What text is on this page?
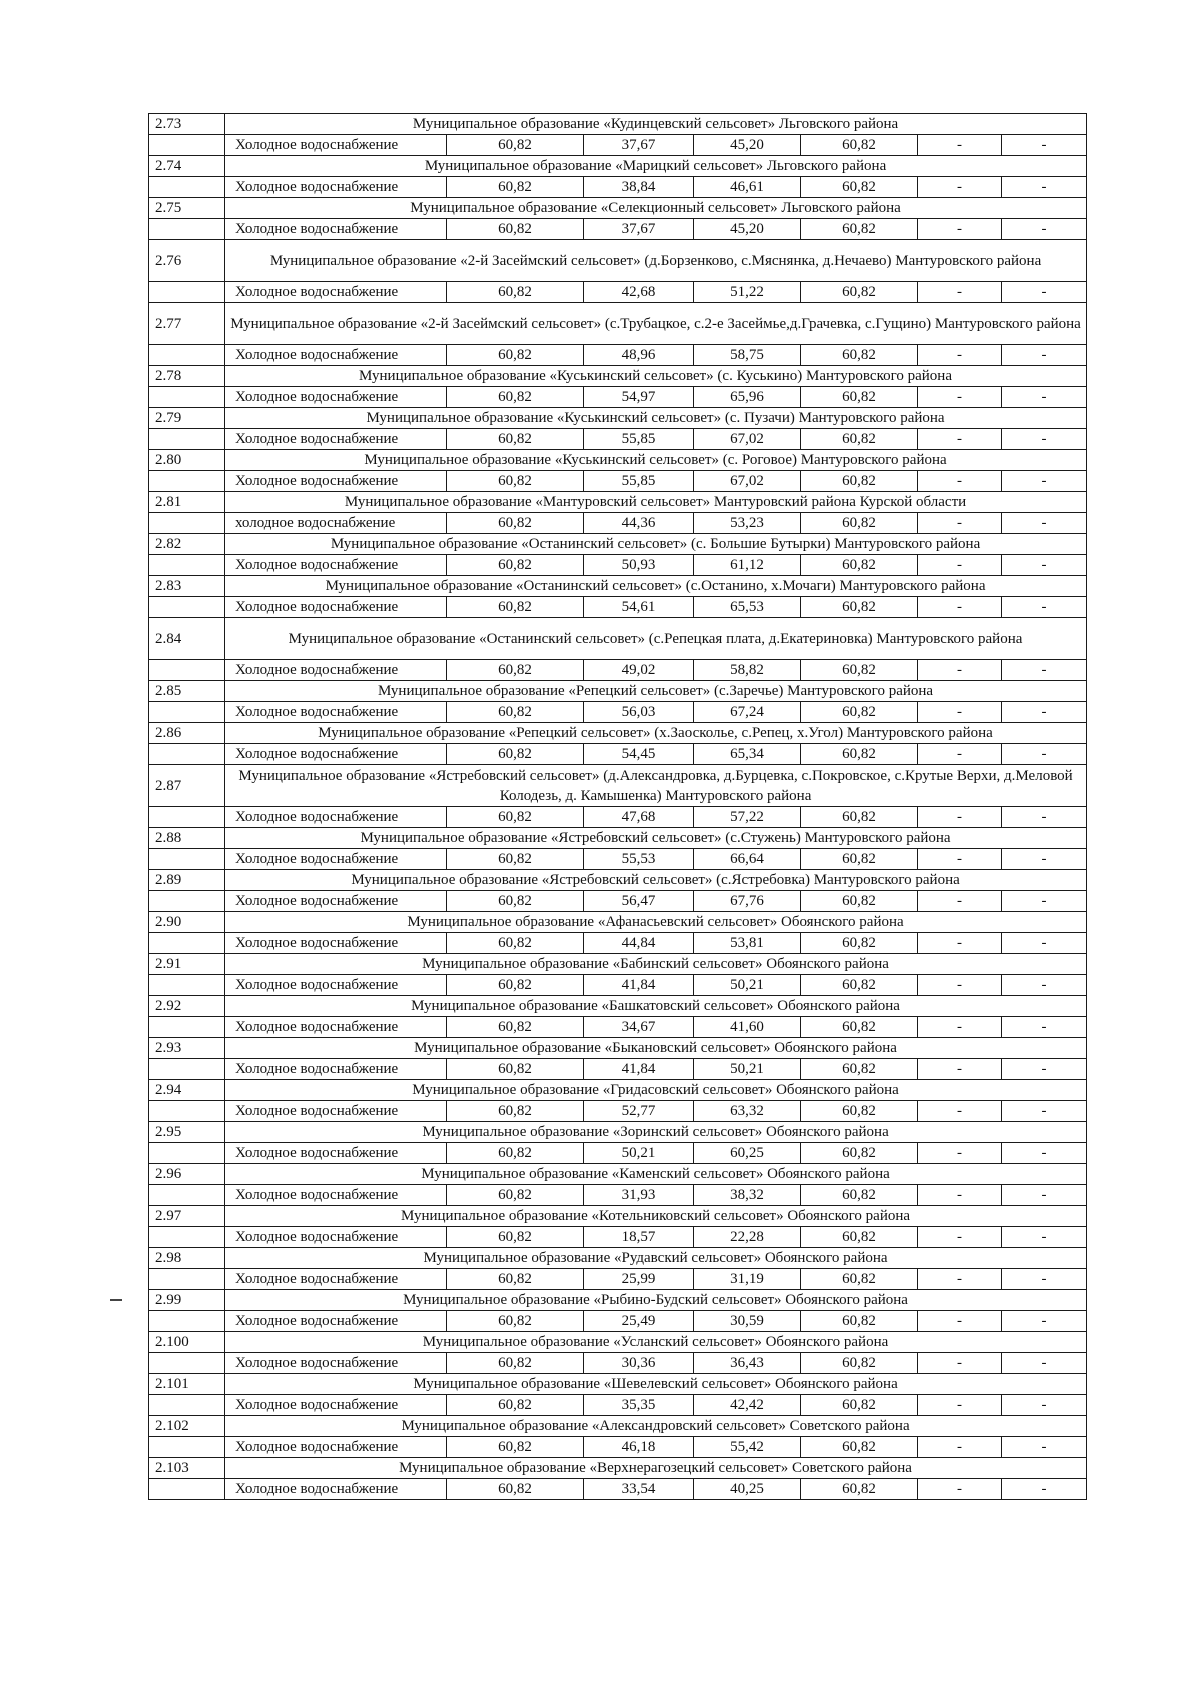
2.73	Муниципальное образование «Кудинцевский сельсовет» Льговского района						
	Холодное водоснабжение	60,82	37,67	45,20	60,82	-	-
2.74	Муниципальное образование «Марицкий сельсовет» Льговского района						
	Холодное водоснабжение	60,82	38,84	46,61	60,82	-	-
2.75	Муниципальное образование «Селекционный сельсовет» Льговского района						
	Холодное водоснабжение	60,82	37,67	45,20	60,82	-	-
2.76	Муниципальное образование «2-й Засеймский сельсовет» (д.Борзенково, с.Мяснянка, д.Нечаево) Мантуровского района						
	Холодное водоснабжение	60,82	42,68	51,22	60,82	-	-
2.77	Муниципальное образование «2-й Засеймский сельсовет» (с.Трубацкое, с.2-е Засеймье,д.Грачевка, с.Гущино) Мантуровского района						
	Холодное водоснабжение	60,82	48,96	58,75	60,82	-	-
2.78	Муниципальное образование «Куськинский сельсовет» (с. Куськино) Мантуровского района						
	Холодное водоснабжение	60,82	54,97	65,96	60,82	-	-
2.79	Муниципальное образование «Куськинский сельсовет» (с. Пузачи) Мантуровского района						
	Холодное водоснабжение	60,82	55,85	67,02	60,82	-	-
2.80	Муниципальное образование «Куськинский сельсовет» (с. Роговое) Мантуровского района						
	Холодное водоснабжение	60,82	55,85	67,02	60,82	-	-
2.81	Муниципальное образование «Мантуровский сельсовет» Мантуровский района Курской области						
	холодное водоснабжение	60,82	44,36	53,23	60,82	-	-
2.82	Муниципальное образование «Останинский сельсовет» (с. Большие Бутырки) Мантуровского района						
	Холодное водоснабжение	60,82	50,93	61,12	60,82	-	-
2.83	Муниципальное образование «Останинский сельсовет» (с.Останино, х.Мочаги) Мантуровского района						
	Холодное водоснабжение	60,82	54,61	65,53	60,82	-	-
2.84	Муниципальное образование «Останинский сельсовет» (с.Репецкая плата, д.Екатериновка) Мантуровского района						
	Холодное водоснабжение	60,82	49,02	58,82	60,82	-	-
2.85	Муниципальное образование «Репецкий сельсовет» (с.Заречье) Мантуровского района						
	Холодное водоснабжение	60,82	56,03	67,24	60,82	-	-
2.86	Муниципальное образование «Репецкий сельсовет» (х.Заосколье, с.Репец, х.Угол) Мантуровского района						
	Холодное водоснабжение	60,82	54,45	65,34	60,82	-	-
2.87	Муниципальное образование «Ястребовский сельсовет» (д.Александровка, д.Бурцевка, с.Покровское, с.Крутые Верхи, д.Меловой Колодезь, д. Камышенка) Мантуровского района						
	Холодное водоснабжение	60,82	47,68	57,22	60,82	-	-
2.88	Муниципальное образование «Ястребовский сельсовет» (с.Стужень) Мантуровского района						
	Холодное водоснабжение	60,82	55,53	66,64	60,82	-	-
2.89	Муниципальное образование «Ястребовский сельсовет» (с.Ястребовка) Мантуровского района						
	Холодное водоснабжение	60,82	56,47	67,76	60,82	-	-
2.90	Муниципальное образование «Афанасьевский сельсовет» Обоянского района						
	Холодное водоснабжение	60,82	44,84	53,81	60,82	-	-
2.91	Муниципальное образование «Бабинский сельсовет» Обоянского района						
	Холодное водоснабжение	60,82	41,84	50,21	60,82	-	-
2.92	Муниципальное образование «Башкатовский сельсовет» Обоянского района						
	Холодное водоснабжение	60,82	34,67	41,60	60,82	-	-
2.93	Муниципальное образование «Быкановский сельсовет» Обоянского района						
	Холодное водоснабжение	60,82	41,84	50,21	60,82	-	-
2.94	Муниципальное образование «Гридасовский сельсовет» Обоянского района						
	Холодное водоснабжение	60,82	52,77	63,32	60,82	-	-
2.95	Муниципальное образование «Зоринский сельсовет» Обоянского района						
	Холодное водоснабжение	60,82	50,21	60,25	60,82	-	-
2.96	Муниципальное образование «Каменский сельсовет» Обоянского района						
	Холодное водоснабжение	60,82	31,93	38,32	60,82	-	-
2.97	Муниципальное образование «Котельниковский сельсовет» Обоянского района						
	Холодное водоснабжение	60,82	18,57	22,28	60,82	-	-
2.98	Муниципальное образование «Рудавский сельсовет» Обоянского района						
	Холодное водоснабжение	60,82	25,99	31,19	60,82	-	-
2.99	Муниципальное образование «Рыбино-Будский сельсовет» Обоянского района						
	Холодное водоснабжение	60,82	25,49	30,59	60,82	-	-
2.100	Муниципальное образование «Усланский сельсовет» Обоянского района						
	Холодное водоснабжение	60,82	30,36	36,43	60,82	-	-
2.101	Муниципальное образование «Шевелевский сельсовет» Обоянского района						
	Холодное водоснабжение	60,82	35,35	42,42	60,82	-	-
2.102	Муниципальное образование «Александровский сельсовет» Советского района						
	Холодное водоснабжение	60,82	46,18	55,42	60,82	-	-
2.103	Муниципальное образование «Верхнерагозецкий сельсовет» Советского района						
	Холодное водоснабжение	60,82	33,54	40,25	60,82	-	-
